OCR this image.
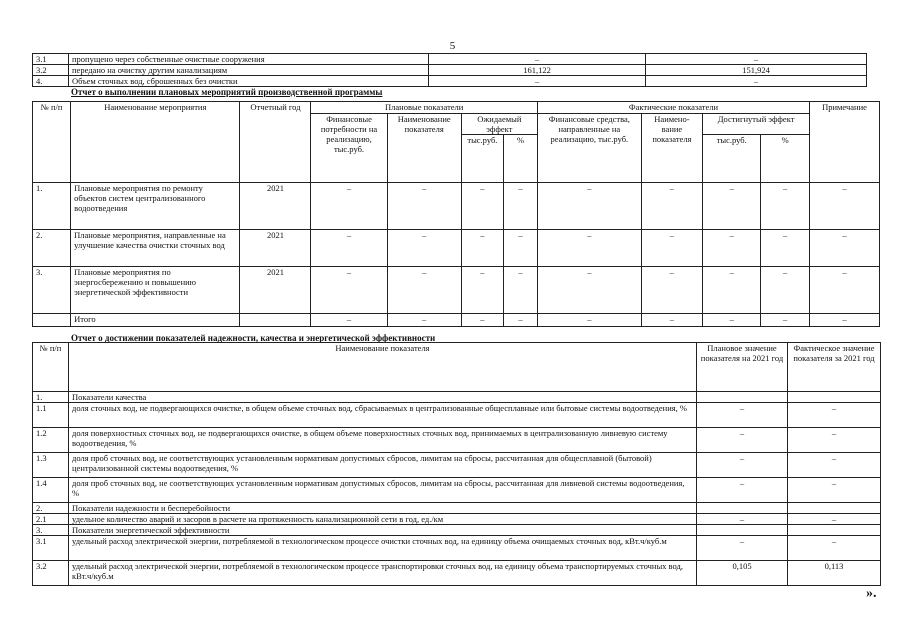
5
3.1	пропущено через собственные очистные сооружения	–	–
3.2	передано на очистку другим канализациям	161,122	151,924
4.	Объем сточных вод, сброшенных без очистки	–	–
Отчет о выполнении плановых мероприятий производственной программы
№ п/п	Наименование мероприятия	Отчетный год	Плановые показатели				Фактические показатели				Примечание
			Финансовые потребности на реализацию, тыс.руб.	Наименование показателя	Ожидаемый эффект		Финансовые средства, направленные на реализацию, тыс.руб.	Наимено-вание показателя	Достигнутый эффект		
					тыс.руб.	%			тыс.руб.	%	
1.	Плановые мероприятия по ремонту объектов систем централизованного водоотведения	2021	–	–	–	–	–	–	–	–	–
2.	Плановые мероприятия, направленные на улучшение качества очистки сточных вод	2021	–	–	–	–	–	–	–	–	–
3.	Плановые мероприятия по энергосбережению и повышению энергетической эффективности	2021	–	–	–	–	–	–	–	–	–
	Итого		–	–	–	–	–	–	–	–	–
Отчет о достижении показателей надежности, качества и энергетической эффективности
№ п/п	Наименование показателя	Плановое значение показателя на 2021 год	Фактическое значение показателя за 2021 год
1.	Показатели качества		
1.1	доля сточных вод, не подвергающихся очистке, в общем объеме сточных вод, сбрасываемых в централизованные общесплавные или бытовые системы водоотведения, %	–	–
1.2	доля поверхностных сточных вод, не подвергающихся очистке, в общем объеме поверхностных сточных вод, принимаемых в централизованную ливневую систему водоотведения, %	–	–
1.3	доля проб сточных вод, не соответствующих установленным нормативам допустимых сбросов, лимитам на сбросы, рассчитанная для общесплавной (бытовой) централизованной системы водоотведения, %	–	–
1.4	доля проб сточных вод, не соответствующих установленным нормативам допустимых сбросов, лимитам на сбросы, рассчитанная для ливневой системы водоотведения, %	–	–
2.	Показатели надежности и бесперебойности		
2.1	удельное количество аварий и засоров в расчете на протяженность канализационной сети в год, ед./км	–	–
3.	Показатели энергетической эффективности		
3.1	удельный расход электрической энергии, потребляемой в технологическом процессе очистки сточных вод, на единицу объема очищаемых сточных вод, кВт.ч/куб.м	–	–
3.2	удельный расход электрической энергии, потребляемой в технологическом процессе транспортировки сточных вод, на единицу объема транспортируемых сточных вод, кВт.ч/куб.м	0,105	0,113
».
